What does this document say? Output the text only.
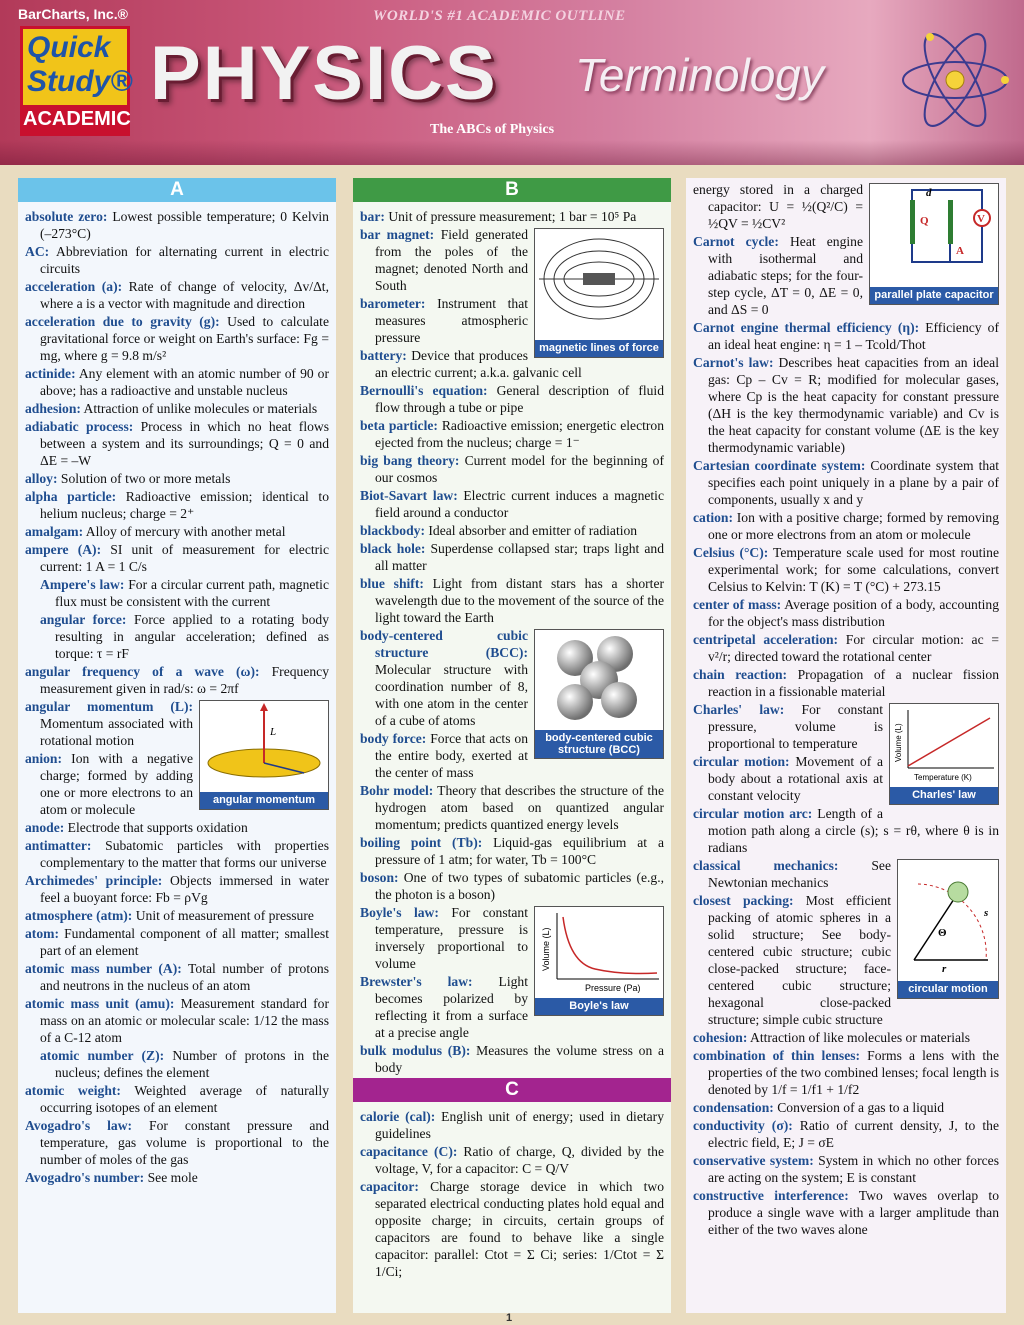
BarCharts, Inc.®
Quick
Study®
ACADEMIC
WORLD'S #1 ACADEMIC OUTLINE
PHYSICS Terminology
The ABCs of Physics
A
absolute zero: Lowest possible temperature; 0 Kelvin (–273°C)
AC: Abbreviation for alternating current in electric circuits
acceleration (a): Rate of change of velocity, Δv/Δt, where a is a vector with magnitude and direction
acceleration due to gravity (g): Used to calculate gravitational force or weight on Earth's surface: Fg = mg, where g = 9.8 m/s²
actinide: Any element with an atomic number of 90 or above; has a radioactive and unstable nucleus
adhesion: Attraction of unlike molecules or materials
adiabatic process: Process in which no heat flows between a system and its surroundings; Q = 0 and ΔE = –W
alloy: Solution of two or more metals
alpha particle: Radioactive emission; identical to helium nucleus; charge = 2⁺
amalgam: Alloy of mercury with another metal
ampere (A): SI unit of measurement for electric current: 1 A = 1 C/s
Ampere's law: For a circular current path, magnetic flux must be consistent with the current
angular force: Force applied to a rotating body resulting in angular acceleration; defined as torque: τ = rF
angular frequency of a wave (ω): Frequency measurement given in rad/s: ω = 2πf
L
angular momentum
angular momentum (L): Momentum associated with rotational motion
anion: Ion with a negative charge; formed by adding one or more electrons to an atom or molecule
anode: Electrode that supports oxidation
antimatter: Subatomic particles with properties complementary to the matter that forms our universe
Archimedes' principle: Objects immersed in water feel a buoyant force: Fb = ρVg
atmosphere (atm): Unit of measurement of pressure
atom: Fundamental component of all matter; smallest part of an element
atomic mass number (A): Total number of protons and neutrons in the nucleus of an atom
atomic mass unit (amu): Measurement standard for mass on an atomic or molecular scale: 1/12 the mass of a C-12 atom
atomic number (Z): Number of protons in the nucleus; defines the element
atomic weight: Weighted average of naturally occurring isotopes of an element
Avogadro's law: For constant pressure and temperature, gas volume is proportional to the number of moles of the gas
Avogadro's number: See mole
B
bar: Unit of pressure measurement; 1 bar = 10⁵ Pa
magnetic lines of force
bar magnet: Field generated from the poles of the magnet; denoted North and South
barometer: Instrument that measures atmospheric pressure
battery: Device that produces an electric current; a.k.a. galvanic cell
Bernoulli's equation: General description of fluid flow through a tube or pipe
beta particle: Radioactive emission; energetic electron ejected from the nucleus; charge = 1⁻
big bang theory: Current model for the beginning of our cosmos
Biot-Savart law: Electric current induces a magnetic field around a conductor
blackbody: Ideal absorber and emitter of radiation
black hole: Superdense collapsed star; traps light and all matter
blue shift: Light from distant stars has a shorter wavelength due to the movement of the source of the light toward the Earth
body-centered cubic structure (BCC)
body-centered cubic structure (BCC): Molecular structure with coordination number of 8, with one atom in the center of a cube of atoms
body force: Force that acts on the entire body, exerted at the center of mass
Bohr model: Theory that describes the structure of the hydrogen atom based on quantized angular momentum; predicts quantized energy levels
boiling point (Tb): Liquid-gas equilibrium at a pressure of 1 atm; for water, Tb = 100°C
boson: One of two types of subatomic particles (e.g., the photon is a boson)
Pressure (Pa)
Volume (L)
Boyle's law
Boyle's law: For constant temperature, pressure is inversely proportional to volume
Brewster's law: Light becomes polarized by reflecting it from a surface at a precise angle
bulk modulus (B): Measures the volume stress on a body
C
calorie (cal): English unit of energy; used in dietary guidelines
capacitance (C): Ratio of charge, Q, divided by the voltage, V, for a capacitor: C = Q/V
capacitor: Charge storage device in which two separated electrical conducting plates hold equal and opposite charge; in circuits, certain groups of capacitors are found to behave like a single capacitor: parallel: Ctot = Σ Ci; series: 1/Ctot = Σ 1/Ci;
V
d
Q
A
parallel plate capacitor
energy stored in a charged capacitor: U = ½(Q²/C) = ½QV = ½CV²
Carnot cycle: Heat engine with isothermal and adiabatic steps; for the four-step cycle, ΔT = 0, ΔE = 0, and ΔS = 0
Carnot engine thermal efficiency (η): Efficiency of an ideal heat engine: η = 1 – Tcold/Thot
Carnot's law: Describes heat capacities from an ideal gas: Cp – Cv = R; modified for molecular gases, where Cp is the heat capacity for constant pressure (ΔH is the key thermodynamic variable) and Cv is the heat capacity for constant volume (ΔE is the key thermodynamic variable)
Cartesian coordinate system: Coordinate system that specifies each point uniquely in a plane by a pair of components, usually x and y
cation: Ion with a positive charge; formed by removing one or more electrons from an atom or molecule
Celsius (°C): Temperature scale used for most routine experimental work; for some calculations, convert Celsius to Kelvin: T (K) = T (°C) + 273.15
center of mass: Average position of a body, accounting for the object's mass distribution
centripetal acceleration: For circular motion: ac = v²/r; directed toward the rotational center
chain reaction: Propagation of a nuclear fission reaction in a fissionable material
Temperature (K)
Volume (L)
Charles' law
Charles' law: For constant pressure, volume is proportional to temperature
circular motion: Movement of a body about a rotational axis at constant velocity
circular motion arc: Length of a motion path along a circle (s); s = rθ, where θ is in radians
Θ
r
s
circular motion
classical mechanics: See Newtonian mechanics
closest packing: Most efficient packing of atomic spheres in a solid structure; See body-centered cubic structure; cubic close-packed structure; face-centered cubic structure; hexagonal close-packed structure; simple cubic structure
cohesion: Attraction of like molecules or materials
combination of thin lenses: Forms a lens with the properties of the two combined lenses; focal length is denoted by 1/f = 1/f1 + 1/f2
condensation: Conversion of a gas to a liquid
conductivity (σ): Ratio of current density, J, to the electric field, E; J = σE
conservative system: System in which no other forces are acting on the system; E is constant
constructive interference: Two waves overlap to produce a single wave with a larger amplitude than either of the two waves alone
1
